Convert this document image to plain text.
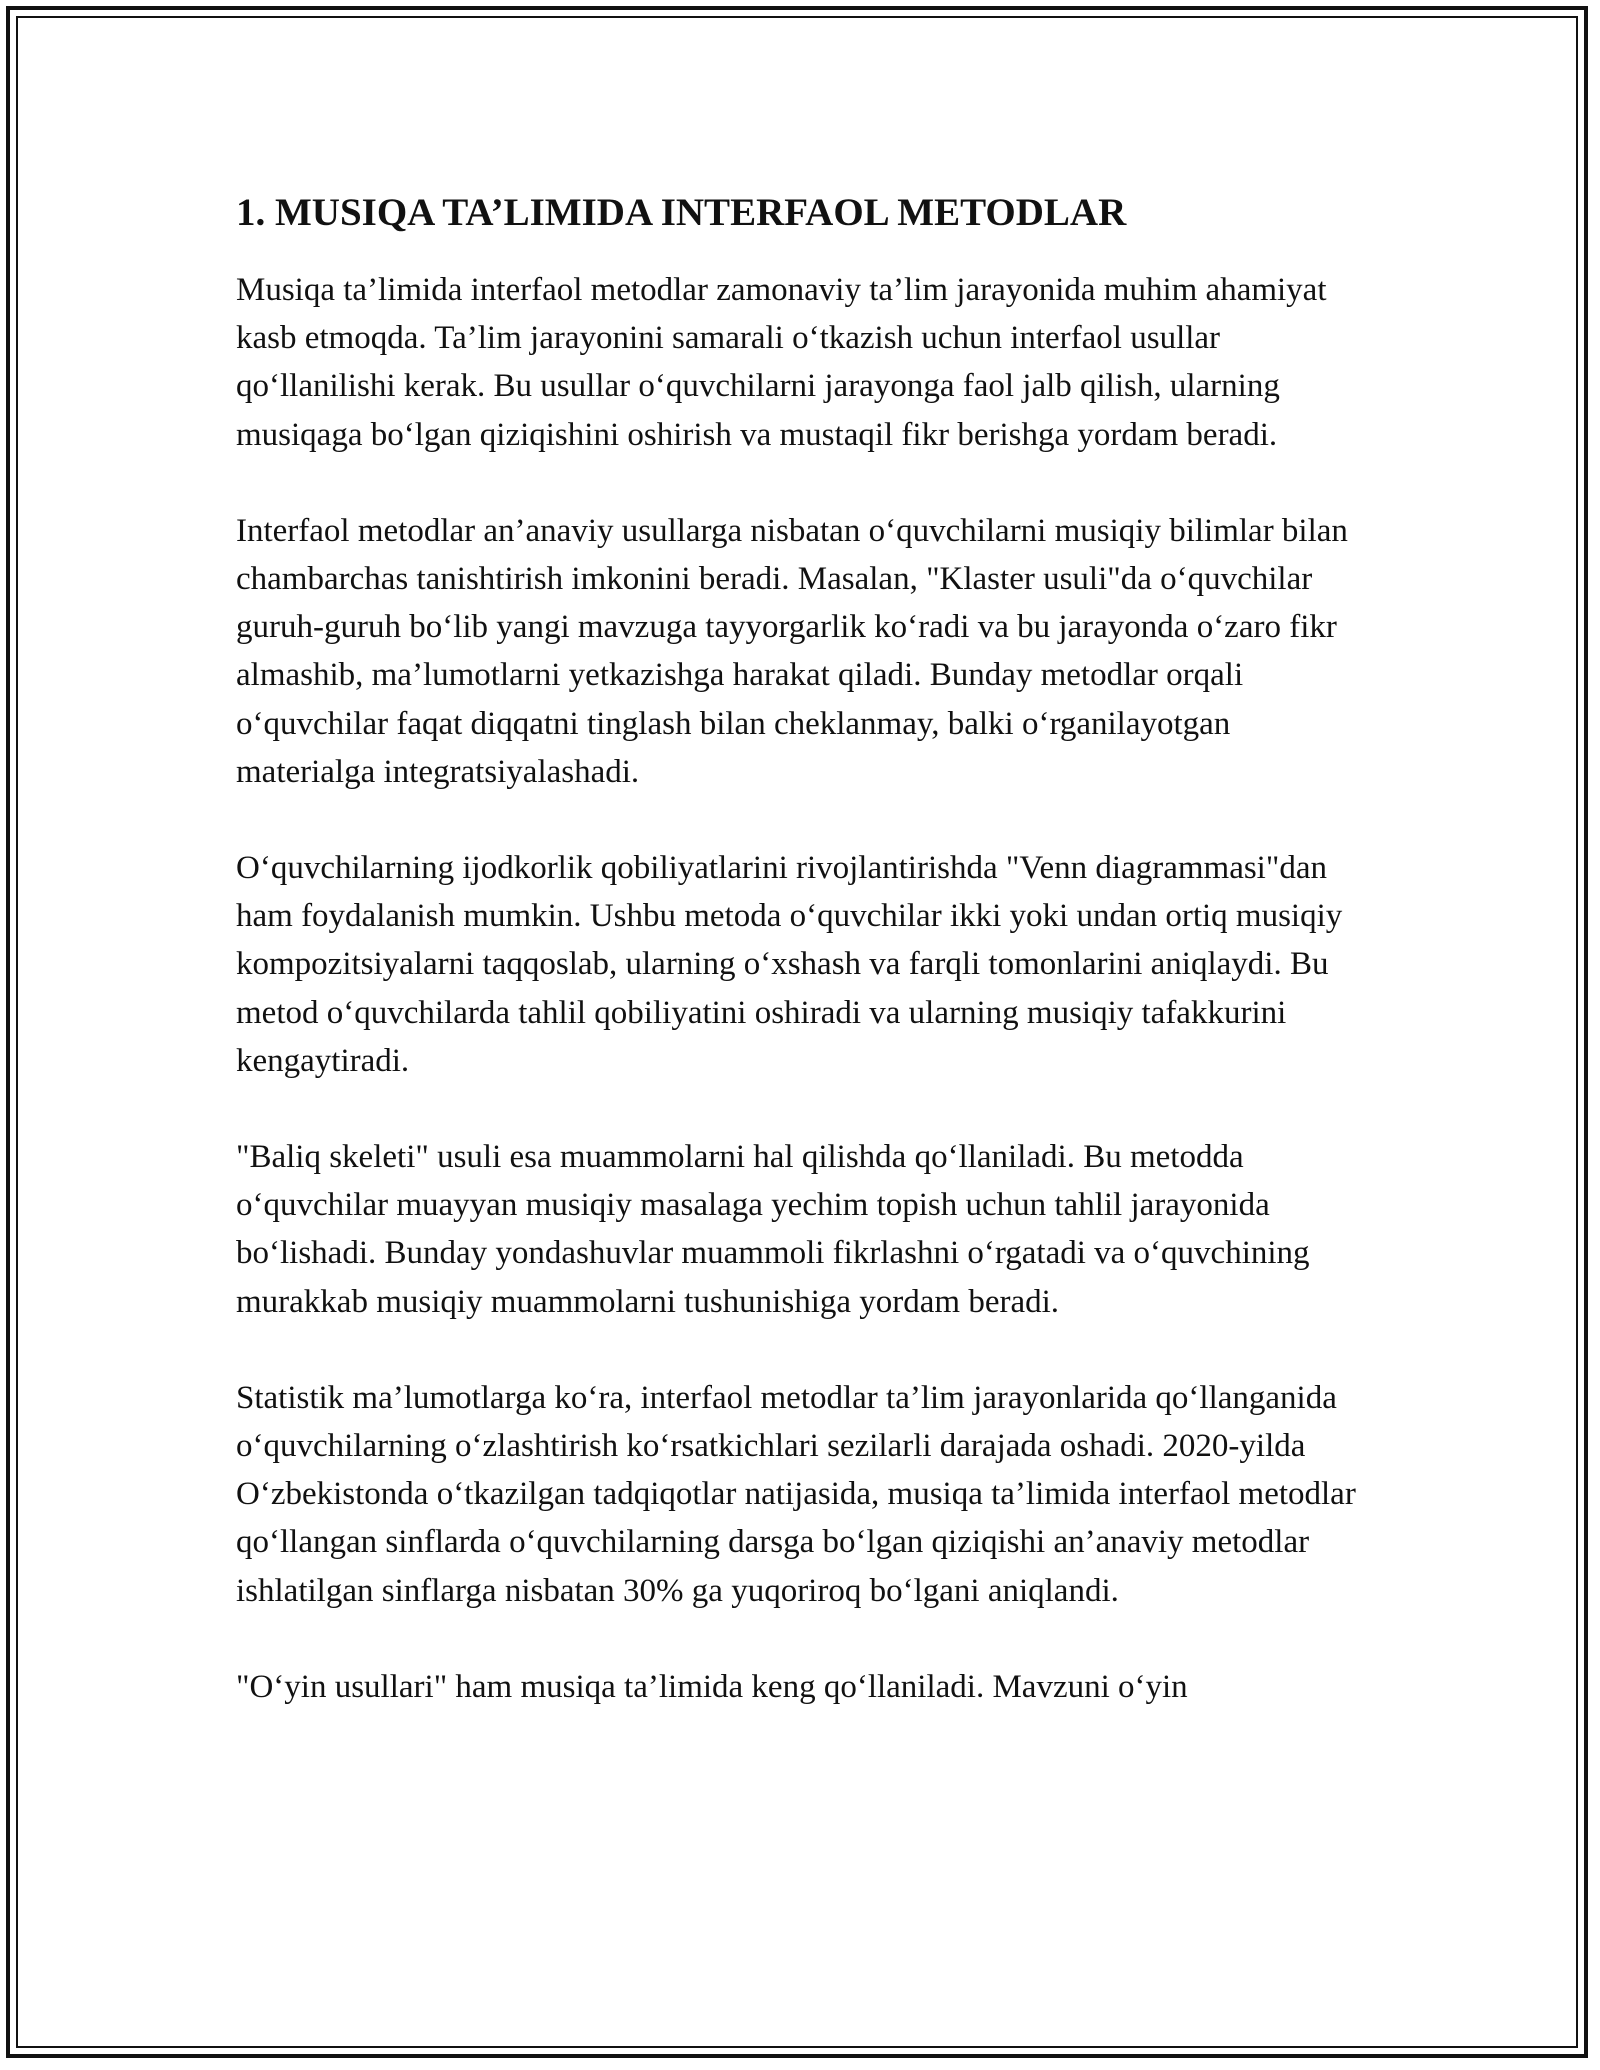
1. MUSIQA TA’LIMIDA INTERFAOL METODLAR

Musiqa ta’limida interfaol metodlar zamonaviy ta’lim jarayonida muhim ahamiyat kasb etmoqda. Ta’lim jarayonini samarali o‘tkazish uchun interfaol usullar qo‘llanilishi kerak. Bu usullar o‘quvchilarni jarayonga faol jalb qilish, ularning musiqaga bo‘lgan qiziqishini oshirish va mustaqil fikr berishga yordam beradi.

Interfaol metodlar an’anaviy usullarga nisbatan o‘quvchilarni musiqiy bilimlar bilan chambarchas tanishtirish imkonini beradi. Masalan, "Klaster usuli"da o‘quvchilar guruh-guruh bo‘lib yangi mavzuga tayyorgarlik ko‘radi va bu jarayonda o‘zaro fikr almashib, ma’lumotlarni yetkazishga harakat qiladi. Bunday metodlar orqali o‘quvchilar faqat diqqatni tinglash bilan cheklanmay, balki o‘rganilayotgan materialga integratsiyalashadi.

O‘quvchilarning ijodkorlik qobiliyatlarini rivojlantirishda "Venn diagrammasi"dan ham foydalanish mumkin. Ushbu metoda o‘quvchilar ikki yoki undan ortiq musiqiy kompozitsiyalarni taqqoslab, ularning o‘xshash va farqli tomonlarini aniqlaydi. Bu metod o‘quvchilarda tahlil qobiliyatini oshiradi va ularning musiqiy tafakkurini kengaytiradi.

"Baliq skeleti" usuli esa muammolarni hal qilishda qo‘llaniladi. Bu metodda o‘quvchilar muayyan musiqiy masalaga yechim topish uchun tahlil jarayonida bo‘lishadi. Bunday yondashuvlar muammoli fikrlashni o‘rgatadi va o‘quvchining murakkab musiqiy muammolarni tushunishiga yordam beradi.

Statistik ma’lumotlarga ko‘ra, interfaol metodlar ta’lim jarayonlarida qo‘llanganida o‘quvchilarning o‘zlashtirish ko‘rsatkichlari sezilarli darajada oshadi. 2020-yilda O‘zbekistonda o‘tkazilgan tadqiqotlar natijasida, musiqa ta’limida interfaol metodlar qo‘llangan sinflarda o‘quvchilarning darsga bo‘lgan qiziqishi an’anaviy metodlar ishlatilgan sinflarga nisbatan 30% ga yuqoriroq bo‘lgani aniqlandi.

"O‘yin usullari" ham musiqa ta’limida keng qo‘llaniladi. Mavzuni o‘yin
